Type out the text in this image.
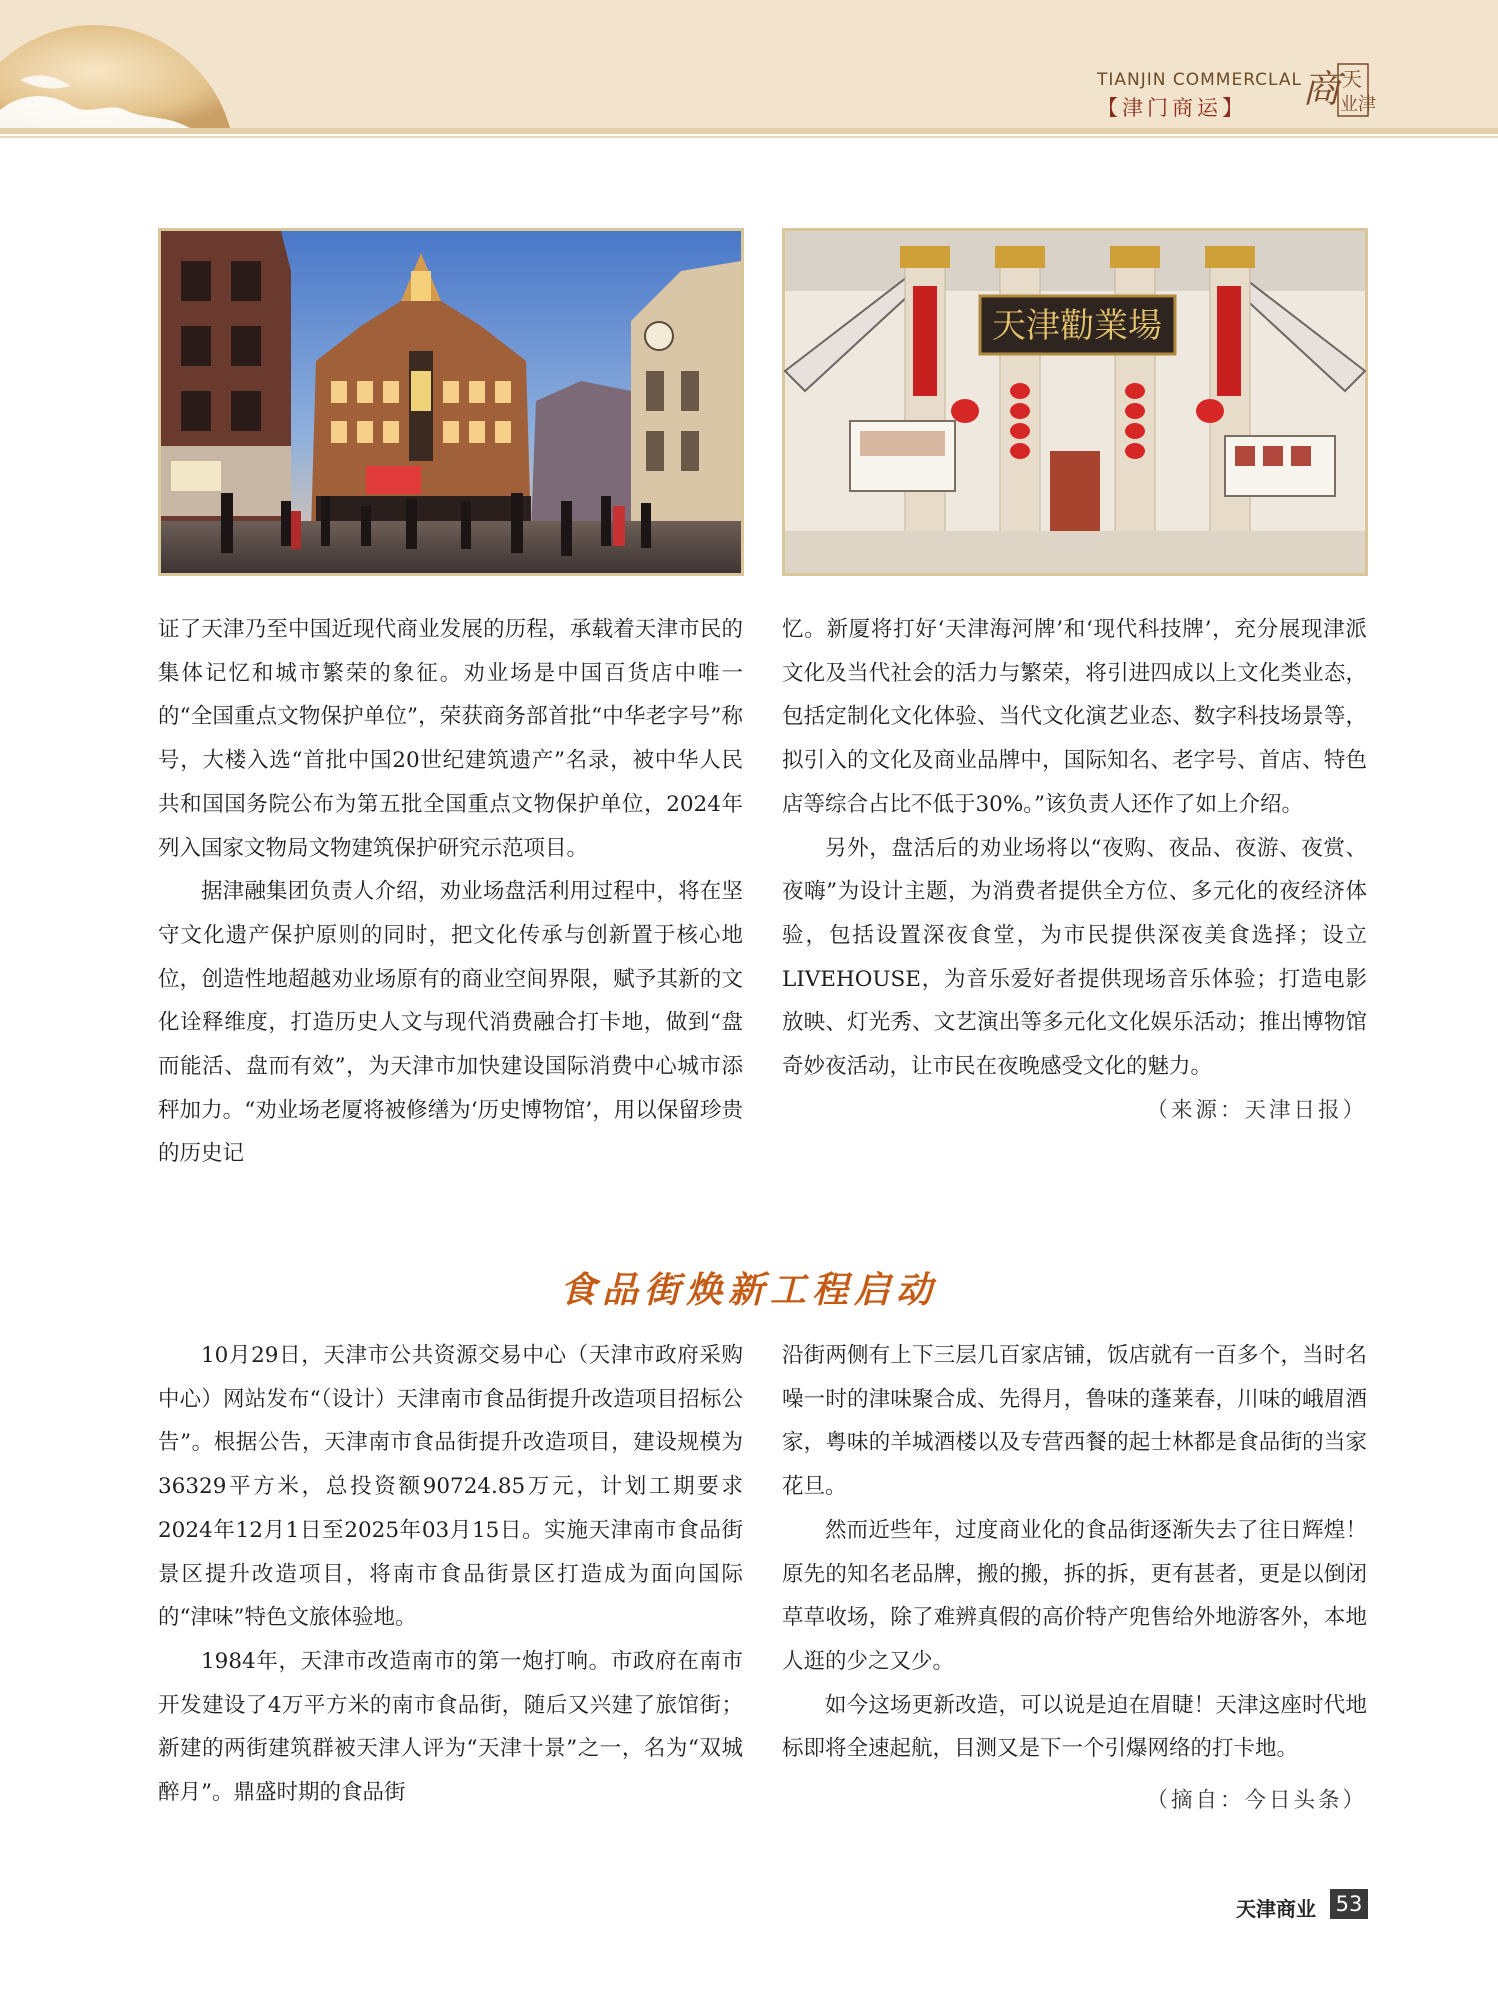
TIANJIN COMMERCLAL
【津门商运】 商 天
业津
天津勸業場

证了天津乃至中国近现代商业发展的历程，承载着天津市民的集体记忆和城市繁荣的象征。劝业场是中国百货店中唯一的“全国重点文物保护单位”，荣获商务部首批“中华老字号”称号，大楼入选“首批中国20世纪建筑遗产”名录，被中华人民共和国国务院公布为第五批全国重点文物保护单位，2024年列入国家文物局文物建筑保护研究示范项目。

据津融集团负责人介绍，劝业场盘活利用过程中，将在坚守文化遗产保护原则的同时，把文化传承与创新置于核心地位，创造性地超越劝业场原有的商业空间界限，赋予其新的文化诠释维度，打造历史人文与现代消费融合打卡地，做到“盘而能活、盘而有效”，为天津市加快建设国际消费中心城市添秤加力。“劝业场老厦将被修缮为‘历史博物馆’，用以保留珍贵的历史记

忆。新厦将打好‘天津海河牌’和‘现代科技牌’，充分展现津派文化及当代社会的活力与繁荣，将引进四成以上文化类业态，包括定制化文化体验、当代文化演艺业态、数字科技场景等，拟引入的文化及商业品牌中，国际知名、老字号、首店、特色店等综合占比不低于30%。”该负责人还作了如上介绍。

另外，盘活后的劝业场将以“夜购、夜品、夜游、夜赏、夜嗨”为设计主题，为消费者提供全方位、多元化的夜经济体验，包括设置深夜食堂，为市民提供深夜美食选择；设立LIVEHOUSE，为音乐爱好者提供现场音乐体验；打造电影放映、灯光秀、文艺演出等多元化文化娱乐活动；推出博物馆奇妙夜活动，让市民在夜晚感受文化的魅力。

（来源：天津日报）

食品街焕新工程启动

10月29日，天津市公共资源交易中心（天津市政府采购中心）网站发布“（设计）天津南市食品街提升改造项目招标公告”。根据公告，天津南市食品街提升改造项目，建设规模为36329平方米，总投资额90724.85万元，计划工期要求2024年12月1日至2025年03月15日。实施天津南市食品街景区提升改造项目，将南市食品街景区打造成为面向国际的“津味”特色文旅体验地。

1984年，天津市改造南市的第一炮打响。市政府在南市开发建设了4万平方米的南市食品街，随后又兴建了旅馆街；新建的两街建筑群被天津人评为“天津十景”之一，名为“双城醉月”。鼎盛时期的食品街

沿街两侧有上下三层几百家店铺，饭店就有一百多个，当时名噪一时的津味聚合成、先得月，鲁味的蓬莱春，川味的峨眉酒家，粤味的羊城酒楼以及专营西餐的起士林都是食品街的当家花旦。

然而近些年，过度商业化的食品街逐渐失去了往日辉煌！原先的知名老品牌，搬的搬，拆的拆，更有甚者，更是以倒闭草草收场，除了难辨真假的高价特产兜售给外地游客外，本地人逛的少之又少。

如今这场更新改造，可以说是迫在眉睫！天津这座时代地标即将全速起航，目测又是下一个引爆网络的打卡地。

（摘自：今日头条）

天津商业 53
